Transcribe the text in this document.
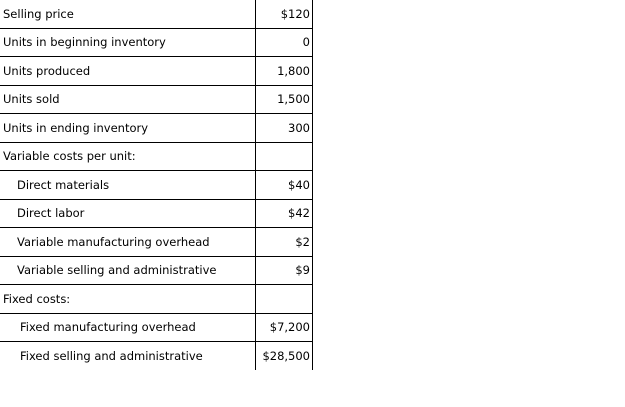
Selling price	$120
Units in beginning inventory	0
Units produced	1,800
Units sold	1,500
Units in ending inventory	300
Variable costs per unit:	
Direct materials	$40
Direct labor	$42
Variable manufacturing overhead	$2
Variable selling and administrative	$9
Fixed costs:	
Fixed manufacturing overhead	$7,200
Fixed selling and administrative	$28,500
